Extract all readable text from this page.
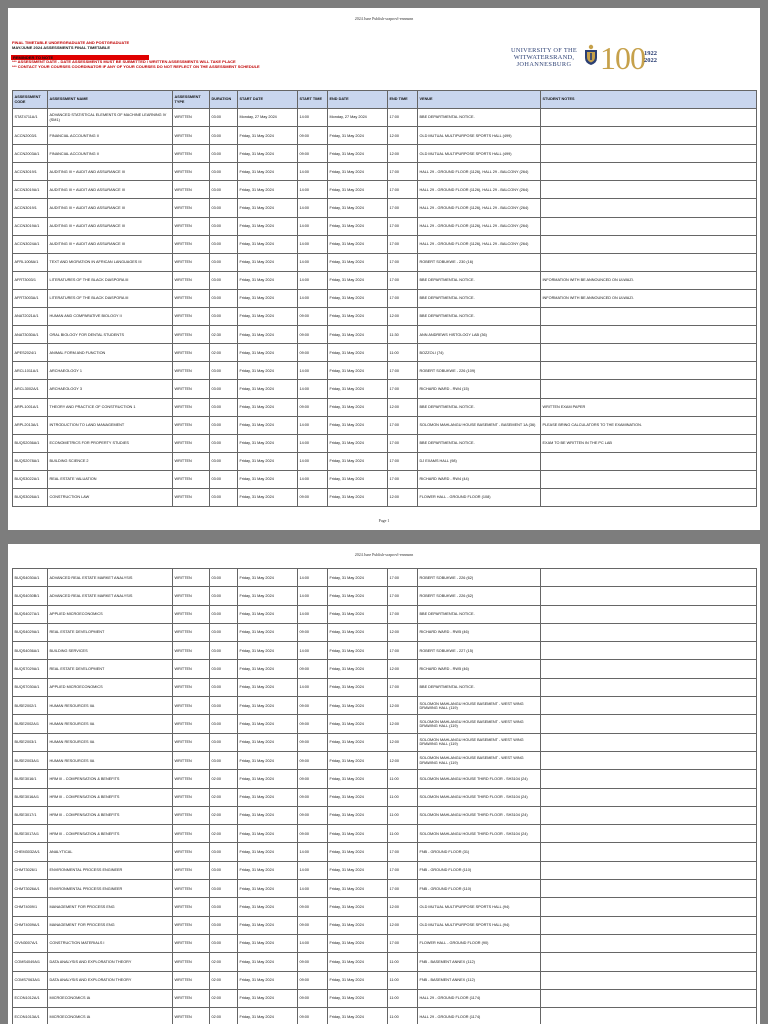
2024 June Publish-sraprovl-ennnsnn
FINAL TIMETABLE UNDERGRADUATE AND POSTGRADUATE
MAY/JUNE 2024 ASSESSMENTS FINAL TIMETABLE
REMINDER TO NOTE
*** ASSESSMENT DATE - DATE ASSESSMENTS MUST BE SUBMITTED / WRITTEN ASSESSMENTS WILL TAKE PLACE
*** CONTACT YOUR COURSES COORDINATOR IF ANY OF YOUR COURSES DO NOT REFLECT ON THE ASSESSMENT SCHEDULE
UNIVERSITY OF THE
WITWATERSRAND,
JOHANNESBURG 100 1922
2022
ASSESSMENT CODE	ASSESSMENT NAME	ASSESSMENT TYPE	DURATION	START DATE	START TIME	END DATE	END TIME	VENUE	STUDENT NOTES
STAT4711A/1	ADVANCED STATISTICAL ELEMENTS OF MACHINE LEARNING IV (SM1)	WRITTEN	03:00	Monday, 27 May 2024	14:00	Monday, 27 May 2024	17:00	BBE DEPARTMENTAL NOTICE.	
ACCN2003/1	FINANCIAL ACCOUNTING II	WRITTEN	03:00	Friday, 31 May 2024	09:00	Friday, 31 May 2024	12:00	OLD MUTUAL MULTIPURPOSE SPORTS HALL (499)	
ACCN2003A/1	FINANCIAL ACCOUNTING II	WRITTEN	03:00	Friday, 31 May 2024	09:00	Friday, 31 May 2024	12:00	OLD MUTUAL MULTIPURPOSE SPORTS HALL (499)	
ACCN3019/1	AUDITING III + AUDIT AND ASSURANCE III	WRITTEN	03:00	Friday, 31 May 2024	14:00	Friday, 31 May 2024	17:00	HALL 29 - GROUND FLOOR (1126), HALL 29 - BALCONY (264)	
ACCN3019A/1	AUDITING III + AUDIT AND ASSURANCE III	WRITTEN	03:00	Friday, 31 May 2024	14:00	Friday, 31 May 2024	17:00	HALL 29 - GROUND FLOOR (1126), HALL 29 - BALCONY (264)	
ACCN3019/1	AUDITING III + AUDIT AND ASSURANCE III	WRITTEN	03:00	Friday, 31 May 2024	14:00	Friday, 31 May 2024	17:00	HALL 29 - GROUND FLOOR (1126), HALL 29 - BALCONY (264)	
ACCN3019A/1	AUDITING III + AUDIT AND ASSURANCE III	WRITTEN	03:00	Friday, 31 May 2024	14:00	Friday, 31 May 2024	17:00	HALL 29 - GROUND FLOOR (1126), HALL 29 - BALCONY (264)	
ACCN3024A/1	AUDITING III + AUDIT AND ASSURANCE III	WRITTEN	03:00	Friday, 31 May 2024	14:00	Friday, 31 May 2024	17:00	HALL 29 - GROUND FLOOR (1126), HALL 29 - BALCONY (264)	
AFRL1008A/1	TEXT AND MIGRATION IN AFRICAN LANGUAGES III	WRITTEN	03:00	Friday, 31 May 2024	14:00	Friday, 31 May 2024	17:00	ROBERT SOBUKWE - 230 (16)	
AFRT3003/1	LITERATURES OF THE BLACK DIASPORA III	WRITTEN	03:00	Friday, 31 May 2024	14:00	Friday, 31 May 2024	17:00	BBE DEPARTMENTAL NOTICE.	INFORMATION WITH BE ANNOUNCED ON ULWAZI.
AFRT3003A/1	LITERATURES OF THE BLACK DIASPORA III	WRITTEN	03:00	Friday, 31 May 2024	14:00	Friday, 31 May 2024	17:00	BBE DEPARTMENTAL NOTICE.	INFORMATION WITH BE ANNOUNCED ON ULWAZI.
ANAT2021A/1	HUMAN AND COMPARATIVE BIOLOGY II	WRITTEN	03:00	Friday, 31 May 2024	09:00	Friday, 31 May 2024	12:00	BBE DEPARTMENTAL NOTICE.	
ANAT3030A/1	ORAL BIOLOGY FOR DENTAL STUDENTS	WRITTEN	02:30	Friday, 31 May 2024	09:00	Friday, 31 May 2024	11:30	ANN ANDREWS HISTOLOGY LAB (36)	
APES2024/1	ANIMAL FORM AND FUNCTION	WRITTEN	02:00	Friday, 31 May 2024	09:00	Friday, 31 May 2024	11:00	BOZZOLI (74)	
ARCL1011A/1	ARCHAEOLOGY 1	WRITTEN	03:00	Friday, 31 May 2024	14:00	Friday, 31 May 2024	17:00	ROBERT SOBUKWE - 226 (109)	
ARCL3002A/1	ARCHAEOLOGY 3	WRITTEN	03:00	Friday, 31 May 2024	14:00	Friday, 31 May 2024	17:00	RICHARD WARD - RW4 (15)	
ARPL1001A/1	THEORY AND PRACTICE OF CONSTRUCTION 1	WRITTEN	03:00	Friday, 31 May 2024	09:00	Friday, 31 May 2024	12:00	BBE DEPARTMENTAL NOTICE.	WRITTEN EXAM PAPER
ARPL2013A/1	INTRODUCTION TO LAND MANAGEMENT	WRITTEN	03:00	Friday, 31 May 2024	14:00	Friday, 31 May 2024	17:00	SOLOMON MAHLANGU HOUSE BASEMENT - BASEMENT 1A (36)	PLEASE BRING CALCULATORS TO THE EXAMINATION.
BUQS2036A/1	ECONOMETRICS FOR PROPERTY STUDIES	WRITTEN	03:00	Friday, 31 May 2024	14:00	Friday, 31 May 2024	17:00	BBE DEPARTMENTAL NOTICE.	EXAM TO BE WRITTEN IN THE PC LAB
BUQS2078A/1	BUILDING SCIENCE 2	WRITTEN	03:00	Friday, 31 May 2024	14:00	Friday, 31 May 2024	17:00	DJ EXAMS HALL (98)	
BUQS3022A/1	REAL ESTATE VALUATION	WRITTEN	03:00	Friday, 31 May 2024	14:00	Friday, 31 May 2024	17:00	RICHARD WARD - RW4 (44)	
BUQS3026A/1	CONSTRUCTION LAW	WRITTEN	03:00	Friday, 31 May 2024	09:00	Friday, 31 May 2024	12:00	FLOWER HALL - GROUND FLOOR (108)	
Page 1
2024 June Publish-sraprovl-ennnsnn
BUQS4030A/1	ADVANCED REAL ESTATE MARKET ANALYSIS	WRITTEN	03:00	Friday, 31 May 2024	14:00	Friday, 31 May 2024	17:00	ROBERT SOBUKWE - 226 (62)	
BUQS4030B/1	ADVANCED REAL ESTATE MARKET ANALYSIS	WRITTEN	03:00	Friday, 31 May 2024	14:00	Friday, 31 May 2024	17:00	ROBERT SOBUKWE - 226 (62)	
BUQS4027A/1	APPLIED MICROECONOMICS	WRITTEN	03:00	Friday, 31 May 2024	14:00	Friday, 31 May 2024	17:00	BBE DEPARTMENTAL NOTICE.	
BUQS4029A/1	REAL ESTATE DEVELOPMENT	WRITTEN	03:00	Friday, 31 May 2024	09:00	Friday, 31 May 2024	12:00	RICHARD WARD - RW5 (46)	
BUQS4036A/1	BUILDING SERVICES	WRITTEN	03:00	Friday, 31 May 2024	14:00	Friday, 31 May 2024	17:00	ROBERT SOBUKWE - 227 (15)	
BUQS7029A/1	REAL ESTATE DEVELOPMENT	WRITTEN	03:00	Friday, 31 May 2024	09:00	Friday, 31 May 2024	12:00	RICHARD WARD - RW5 (46)	
BUQS7030A/1	APPLIED MICROECONOMICS	WRITTEN	03:00	Friday, 31 May 2024	14:00	Friday, 31 May 2024	17:00	BBE DEPARTMENTAL NOTICE.	
BUSE2002/1	HUMAN RESOURCES IIA	WRITTEN	03:00	Friday, 31 May 2024	09:00	Friday, 31 May 2024	12:00	SOLOMON MAHLANGU HOUSE BASEMENT - WEST WING DRAWING HALL (119)	
BUSE2002A/1	HUMAN RESOURCES IIA	WRITTEN	03:00	Friday, 31 May 2024	09:00	Friday, 31 May 2024	12:00	SOLOMON MAHLANGU HOUSE BASEMENT - WEST WING DRAWING HALL (119)	
BUSE2003/1	HUMAN RESOURCES IIA	WRITTEN	03:00	Friday, 31 May 2024	09:00	Friday, 31 May 2024	12:00	SOLOMON MAHLANGU HOUSE BASEMENT - WEST WING DRAWING HALL (119)	
BUSE2003A/1	HUMAN RESOURCES IIA	WRITTEN	03:00	Friday, 31 May 2024	09:00	Friday, 31 May 2024	12:00	SOLOMON MAHLANGU HOUSE BASEMENT - WEST WING DRAWING HALL (119)	
BUSE3016/1	HRM III - COMPENSATION & BENEFITS	WRITTEN	02:00	Friday, 31 May 2024	09:00	Friday, 31 May 2024	11:00	SOLOMON MAHLANGU HOUSE THIRD FLOOR - SH3104 (24)	
BUSE3016A/1	HRM III - COMPENSATION & BENEFITS	WRITTEN	02:00	Friday, 31 May 2024	09:00	Friday, 31 May 2024	11:00	SOLOMON MAHLANGU HOUSE THIRD FLOOR - SH3104 (24)	
BUSE3017/1	HRM III - COMPENSATION & BENEFITS	WRITTEN	02:00	Friday, 31 May 2024	09:00	Friday, 31 May 2024	11:00	SOLOMON MAHLANGU HOUSE THIRD FLOOR - SH3104 (24)	
BUSE3017A/1	HRM III - COMPENSATION & BENEFITS	WRITTEN	02:00	Friday, 31 May 2024	09:00	Friday, 31 May 2024	11:00	SOLOMON MAHLANGU HOUSE THIRD FLOOR - SH3104 (24)	
CHEM3032A/1	ANALYTICAL	WRITTEN	03:00	Friday, 31 May 2024	14:00	Friday, 31 May 2024	17:00	FNB - GROUND FLOOR (31)	
CHMT3026/1	ENVIRONMENTAL PROCESS ENGINEER	WRITTEN	03:00	Friday, 31 May 2024	14:00	Friday, 31 May 2024	17:00	FNB - GROUND FLOOR (110)	
CHMT3026A/1	ENVIRONMENTAL PROCESS ENGINEER	WRITTEN	03:00	Friday, 31 May 2024	14:00	Friday, 31 May 2024	17:00	FNB - GROUND FLOOR (110)	
CHMT4009/1	MANAGEMENT FOR PROCESS ENG	WRITTEN	03:00	Friday, 31 May 2024	09:00	Friday, 31 May 2024	12:00	OLD MUTUAL MULTIPURPOSE SPORTS HALL (94)	
CHMT4009A/1	MANAGEMENT FOR PROCESS ENG	WRITTEN	03:00	Friday, 31 May 2024	09:00	Friday, 31 May 2024	12:00	OLD MUTUAL MULTIPURPOSE SPORTS HALL (94)	
CIVN3007A/1	CONSTRUCTION MATERIALS I	WRITTEN	03:00	Friday, 31 May 2024	14:00	Friday, 31 May 2024	17:00	FLOWER HALL - GROUND FLOOR (90)	
COMS4049A/1	DATA ANALYSIS AND EXPLORATION THEORY	WRITTEN	02:00	Friday, 31 May 2024	09:00	Friday, 31 May 2024	11:00	FNB - BASEMENT ANNEX (112)	
COMS7063A/1	DATA ANALYSIS AND EXPLORATION THEORY	WRITTEN	02:00	Friday, 31 May 2024	09:00	Friday, 31 May 2024	11:00	FNB - BASEMENT ANNEX (112)	
ECON1012A/1	MICROECONOMICS IA	WRITTEN	02:00	Friday, 31 May 2024	09:00	Friday, 31 May 2024	11:00	HALL 29 - GROUND FLOOR (1174)	
ECON1013A/1	MICROECONOMICS IA	WRITTEN	02:00	Friday, 31 May 2024	09:00	Friday, 31 May 2024	11:00	HALL 29 - GROUND FLOOR (1174)	
